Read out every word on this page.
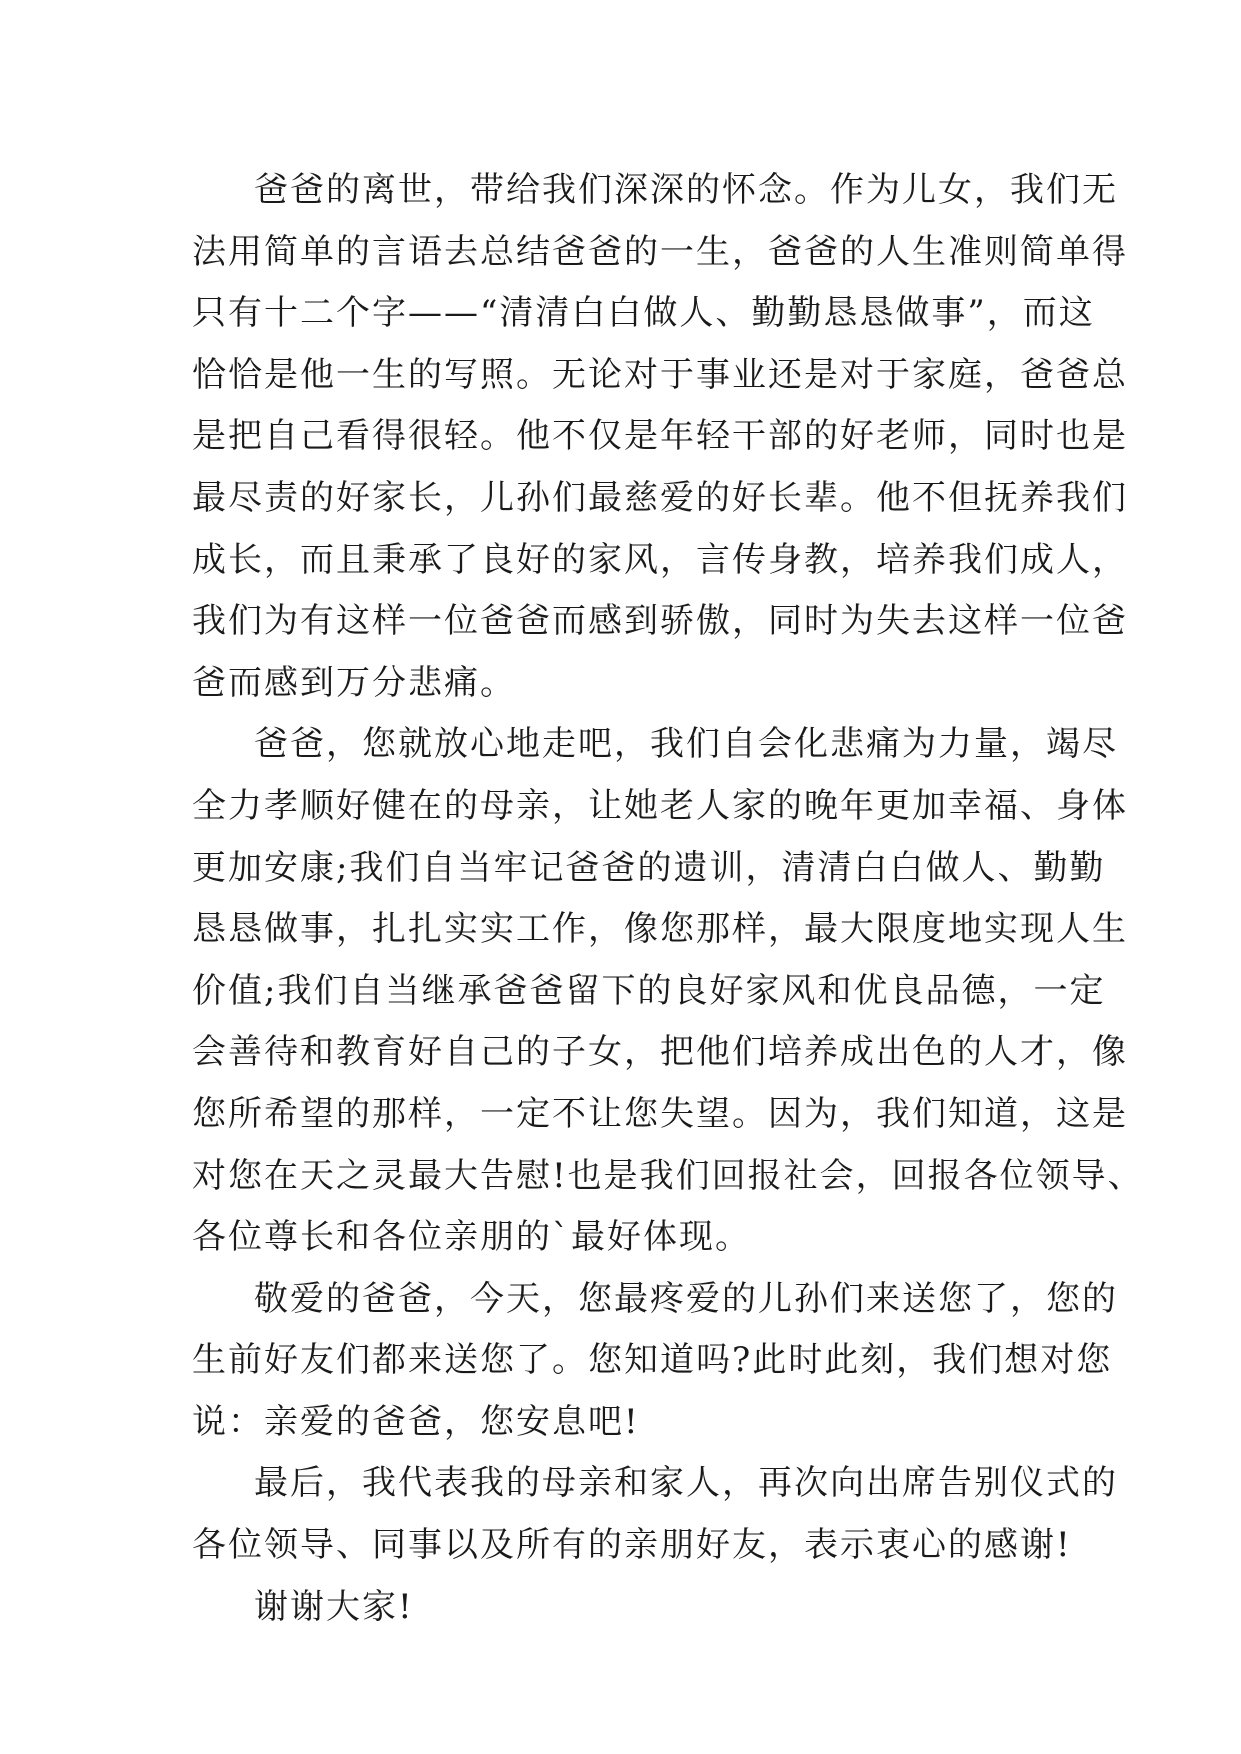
爸爸的离世，带给我们深深的怀念。作为儿女，我们无
法用简单的言语去总结爸爸的一生，爸爸的人生准则简单得
只有十二个字——“清清白白做人、勤勤恳恳做事”，而这
恰恰是他一生的写照。无论对于事业还是对于家庭，爸爸总
是把自己看得很轻。他不仅是年轻干部的好老师，同时也是
最尽责的好家长，儿孙们最慈爱的好长辈。他不但抚养我们
成长，而且秉承了良好的家风，言传身教，培养我们成人，
我们为有这样一位爸爸而感到骄傲，同时为失去这样一位爸
爸而感到万分悲痛。
爸爸，您就放心地走吧，我们自会化悲痛为力量，竭尽
全力孝顺好健在的母亲，让她老人家的晚年更加幸福、身体
更加安康;我们自当牢记爸爸的遗训，清清白白做人、勤勤
恳恳做事，扎扎实实工作，像您那样，最大限度地实现人生
价值;我们自当继承爸爸留下的良好家风和优良品德，一定
会善待和教育好自己的子女，把他们培养成出色的人才，像
您所希望的那样，一定不让您失望。因为，我们知道，这是
对您在天之灵最大告慰!也是我们回报社会，回报各位领导、
各位尊长和各位亲朋的`最好体现。
敬爱的爸爸，今天，您最疼爱的儿孙们来送您了，您的
生前好友们都来送您了。您知道吗?此时此刻，我们想对您
说：亲爱的爸爸，您安息吧!
最后，我代表我的母亲和家人，再次向出席告别仪式的
各位领导、同事以及所有的亲朋好友，表示衷心的感谢!
谢谢大家!
